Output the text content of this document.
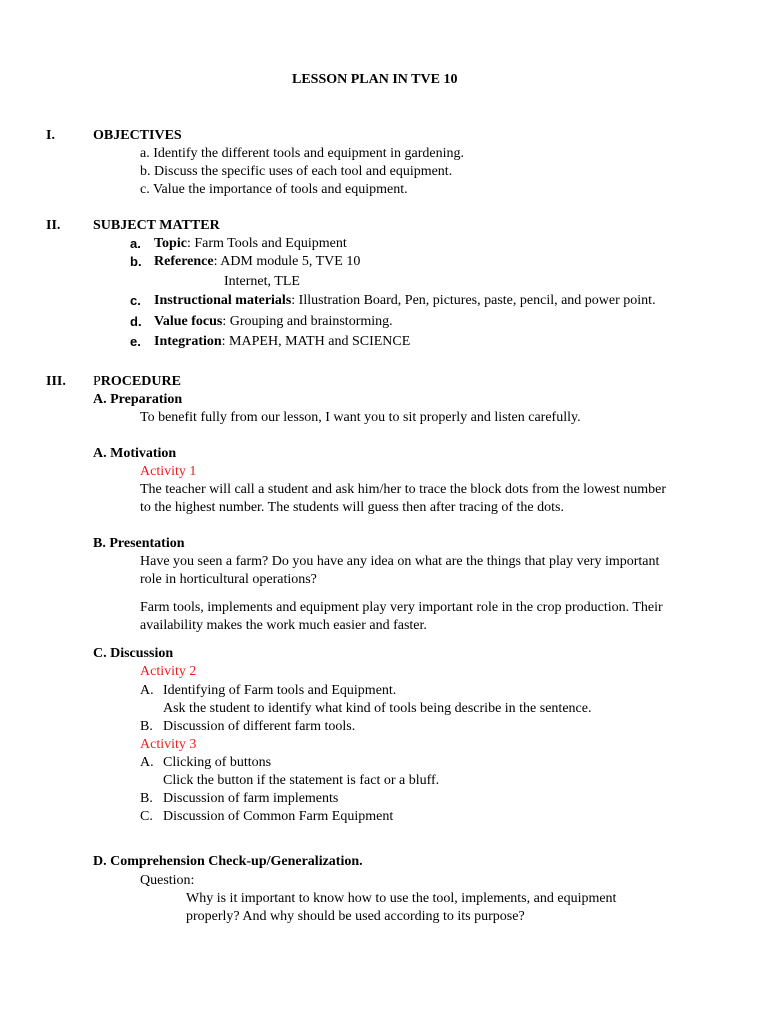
LESSON PLAN IN TVE 10
I.	OBJECTIVES
a. Identify the different tools and equipment in gardening.
b. Discuss the specific uses of each tool and equipment.
c. Value the importance of tools and equipment.
II. SUBJECT MATTER
a. Topic: Farm Tools and Equipment
b. Reference: ADM module 5, TVE 10
Internet, TLE
c. Instructional materials: Illustration Board, Pen, pictures, paste, pencil, and power point.
d. Value focus: Grouping and brainstorming.
e. Integration: MAPEH, MATH and SCIENCE
III. PROCEDURE
A. Preparation
To benefit fully from our lesson, I want you to sit properly and listen carefully.
A. Motivation
Activity 1
The teacher will call a student and ask him/her to trace the block dots from the lowest number
to the highest number. The students will guess then after tracing of the dots.
B. Presentation
Have you seen a farm? Do you have any idea on what are the things that play very important
role in horticultural operations?
Farm tools, implements and equipment play very important role in the crop production. Their
availability makes the work much easier and faster.
C. Discussion
Activity 2
A. Identifying of Farm tools and Equipment.
Ask the student to identify what kind of tools being describe in the sentence.
B. Discussion of different farm tools.
Activity 3
A. Clicking of buttons
Click the button if the statement is fact or a bluff.
B. Discussion of farm implements
C. Discussion of Common Farm Equipment
D. Comprehension Check-up/Generalization.
Question:
Why is it important to know how to use the tool, implements, and equipment
properly? And why should be used according to its purpose?
